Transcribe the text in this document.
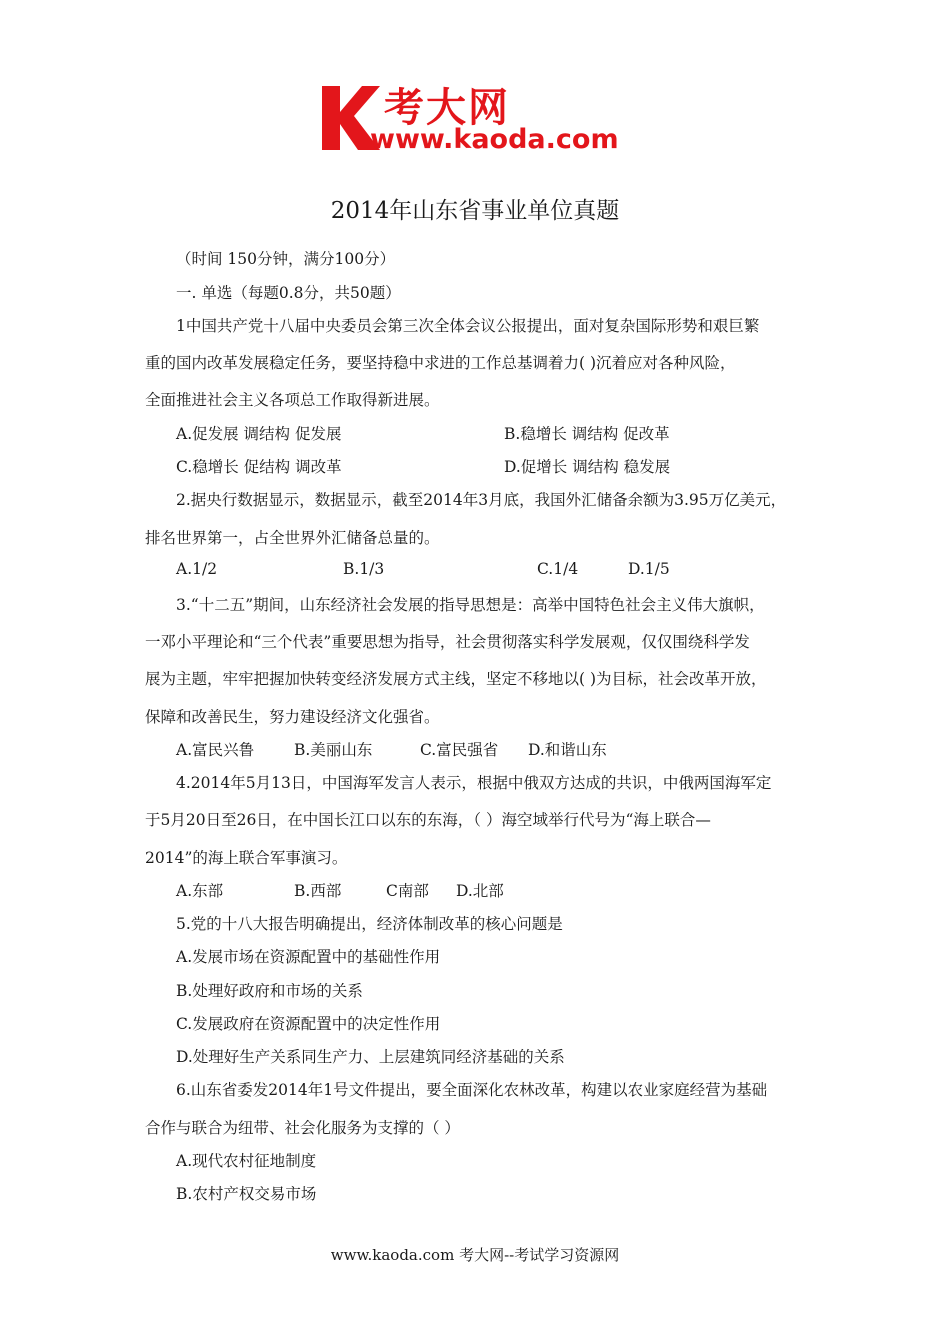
考大网
www.kaoda.com
2014年山东省事业单位真题
（时间 150分钟，满分100分）
一. 单选（每题0.8分，共50题）
1中国共产党十八届中央委员会第三次全体会议公报提出，面对复杂国际形势和艰巨繁
重的国内改革发展稳定任务，要坚持稳中求进的工作总基调着力( )沉着应对各种风险，
全面推进社会主义各项总工作取得新进展。
A.促发展 调结构 促发展	B.稳增长 调结构 促改革
C.稳增长 促结构 调改革	D.促增长 调结构 稳发展
2.据央行数据显示，数据显示，截至2014年3月底，我国外汇储备余额为3.95万亿美元，
排名世界第一，占全世界外汇储备总量的。
A.1/2	B.1/3	C.1/4	D.1/5
3.“十二五”期间，山东经济社会发展的指导思想是：高举中国特色社会主义伟大旗帜，
一邓小平理论和“三个代表”重要思想为指导，社会贯彻落实科学发展观，仅仅围绕科学发
展为主题，牢牢把握加快转变经济发展方式主线，坚定不移地以( )为目标，社会改革开放，
保障和改善民生，努力建设经济文化强省。
A.富民兴鲁	B.美丽山东	C.富民强省 D.和谐山东
4.2014年5月13日，中国海军发言人表示，根据中俄双方达成的共识，中俄两国海军定
于5月20日至26日，在中国长江口以东的东海，（ ）海空域举行代号为“海上联合—
2014”的海上联合军事演习。
A.东部	B.西部	C南部 D.北部
5.党的十八大报告明确提出，经济体制改革的核心问题是
A.发展市场在资源配置中的基础性作用
B.处理好政府和市场的关系
C.发展政府在资源配置中的决定性作用
D.处理好生产关系同生产力、上层建筑同经济基础的关系
6.山东省委发2014年1号文件提出，要全面深化农林改革，构建以农业家庭经营为基础
合作与联合为纽带、社会化服务为支撑的（ ）
A.现代农村征地制度
B.农村产权交易市场
www.kaoda.com 考大网--考试学习资源网
